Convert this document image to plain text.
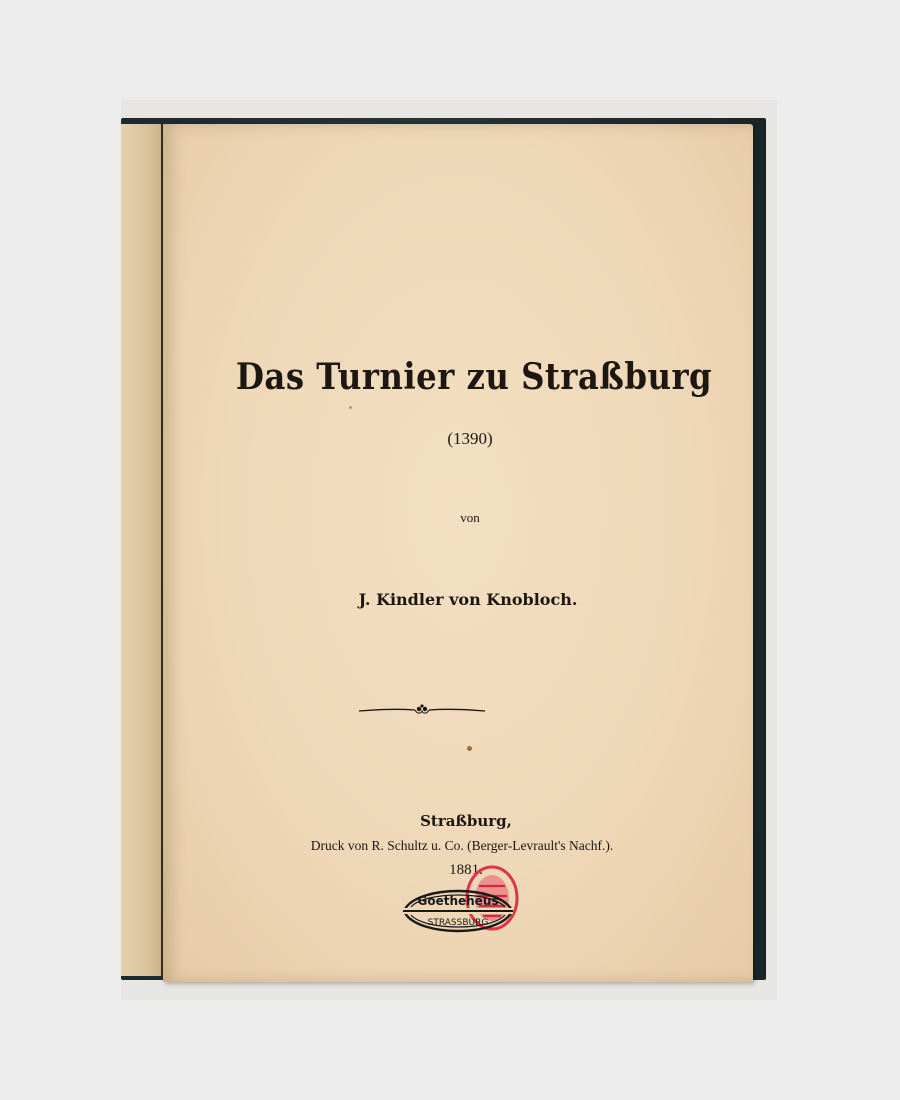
Das Turnier zu Straßburg

(1390)

von

J. Kindler von Knobloch.

Straßburg,

Druck von R. Schultz u. Co. (Berger-Levrault's Nachf.).

1881.

Goetheheus
STRASSBURG
